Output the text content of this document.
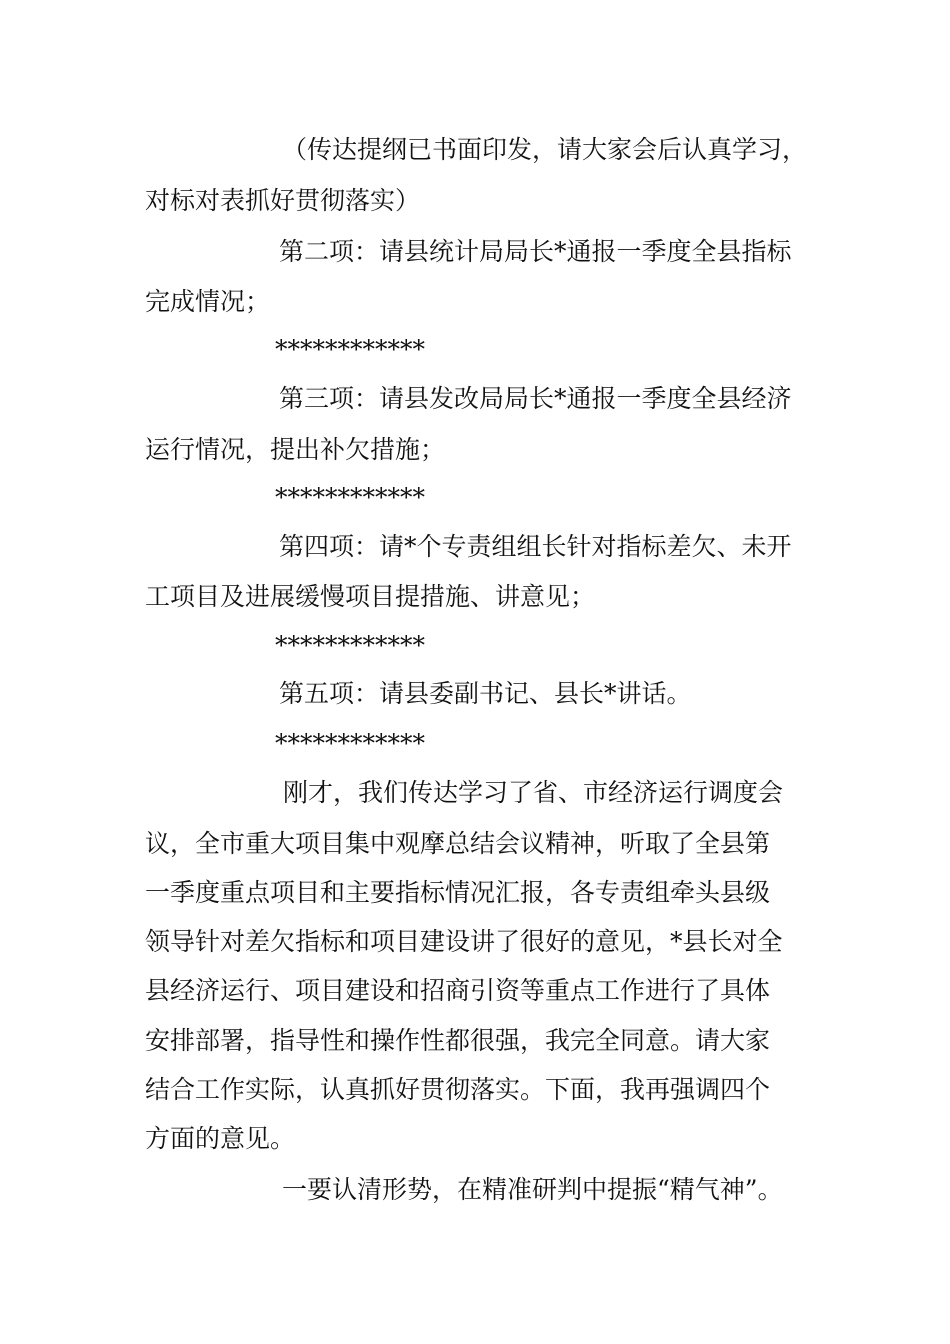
（传达提纲已书面印发，请大家会后认真学习，
对标对表抓好贯彻落实）
第二项：请县统计局局长*通报一季度全县指标
完成情况；
************
第三项：请县发改局局长*通报一季度全县经济
运行情况，提出补欠措施；
************
第四项：请*个专责组组长针对指标差欠、未开
工项目及进展缓慢项目提措施、讲意见；
************
第五项：请县委副书记、县长*讲话。
************
刚才，我们传达学习了省、市经济运行调度会
议，全市重大项目集中观摩总结会议精神，听取了全县第
一季度重点项目和主要指标情况汇报，各专责组牵头县级
领导针对差欠指标和项目建设讲了很好的意见，*县长对全
县经济运行、项目建设和招商引资等重点工作进行了具体
安排部署，指导性和操作性都很强，我完全同意。请大家
结合工作实际，认真抓好贯彻落实。下面，我再强调四个
方面的意见。
一要认清形势，在精准研判中提振“精气神”。
